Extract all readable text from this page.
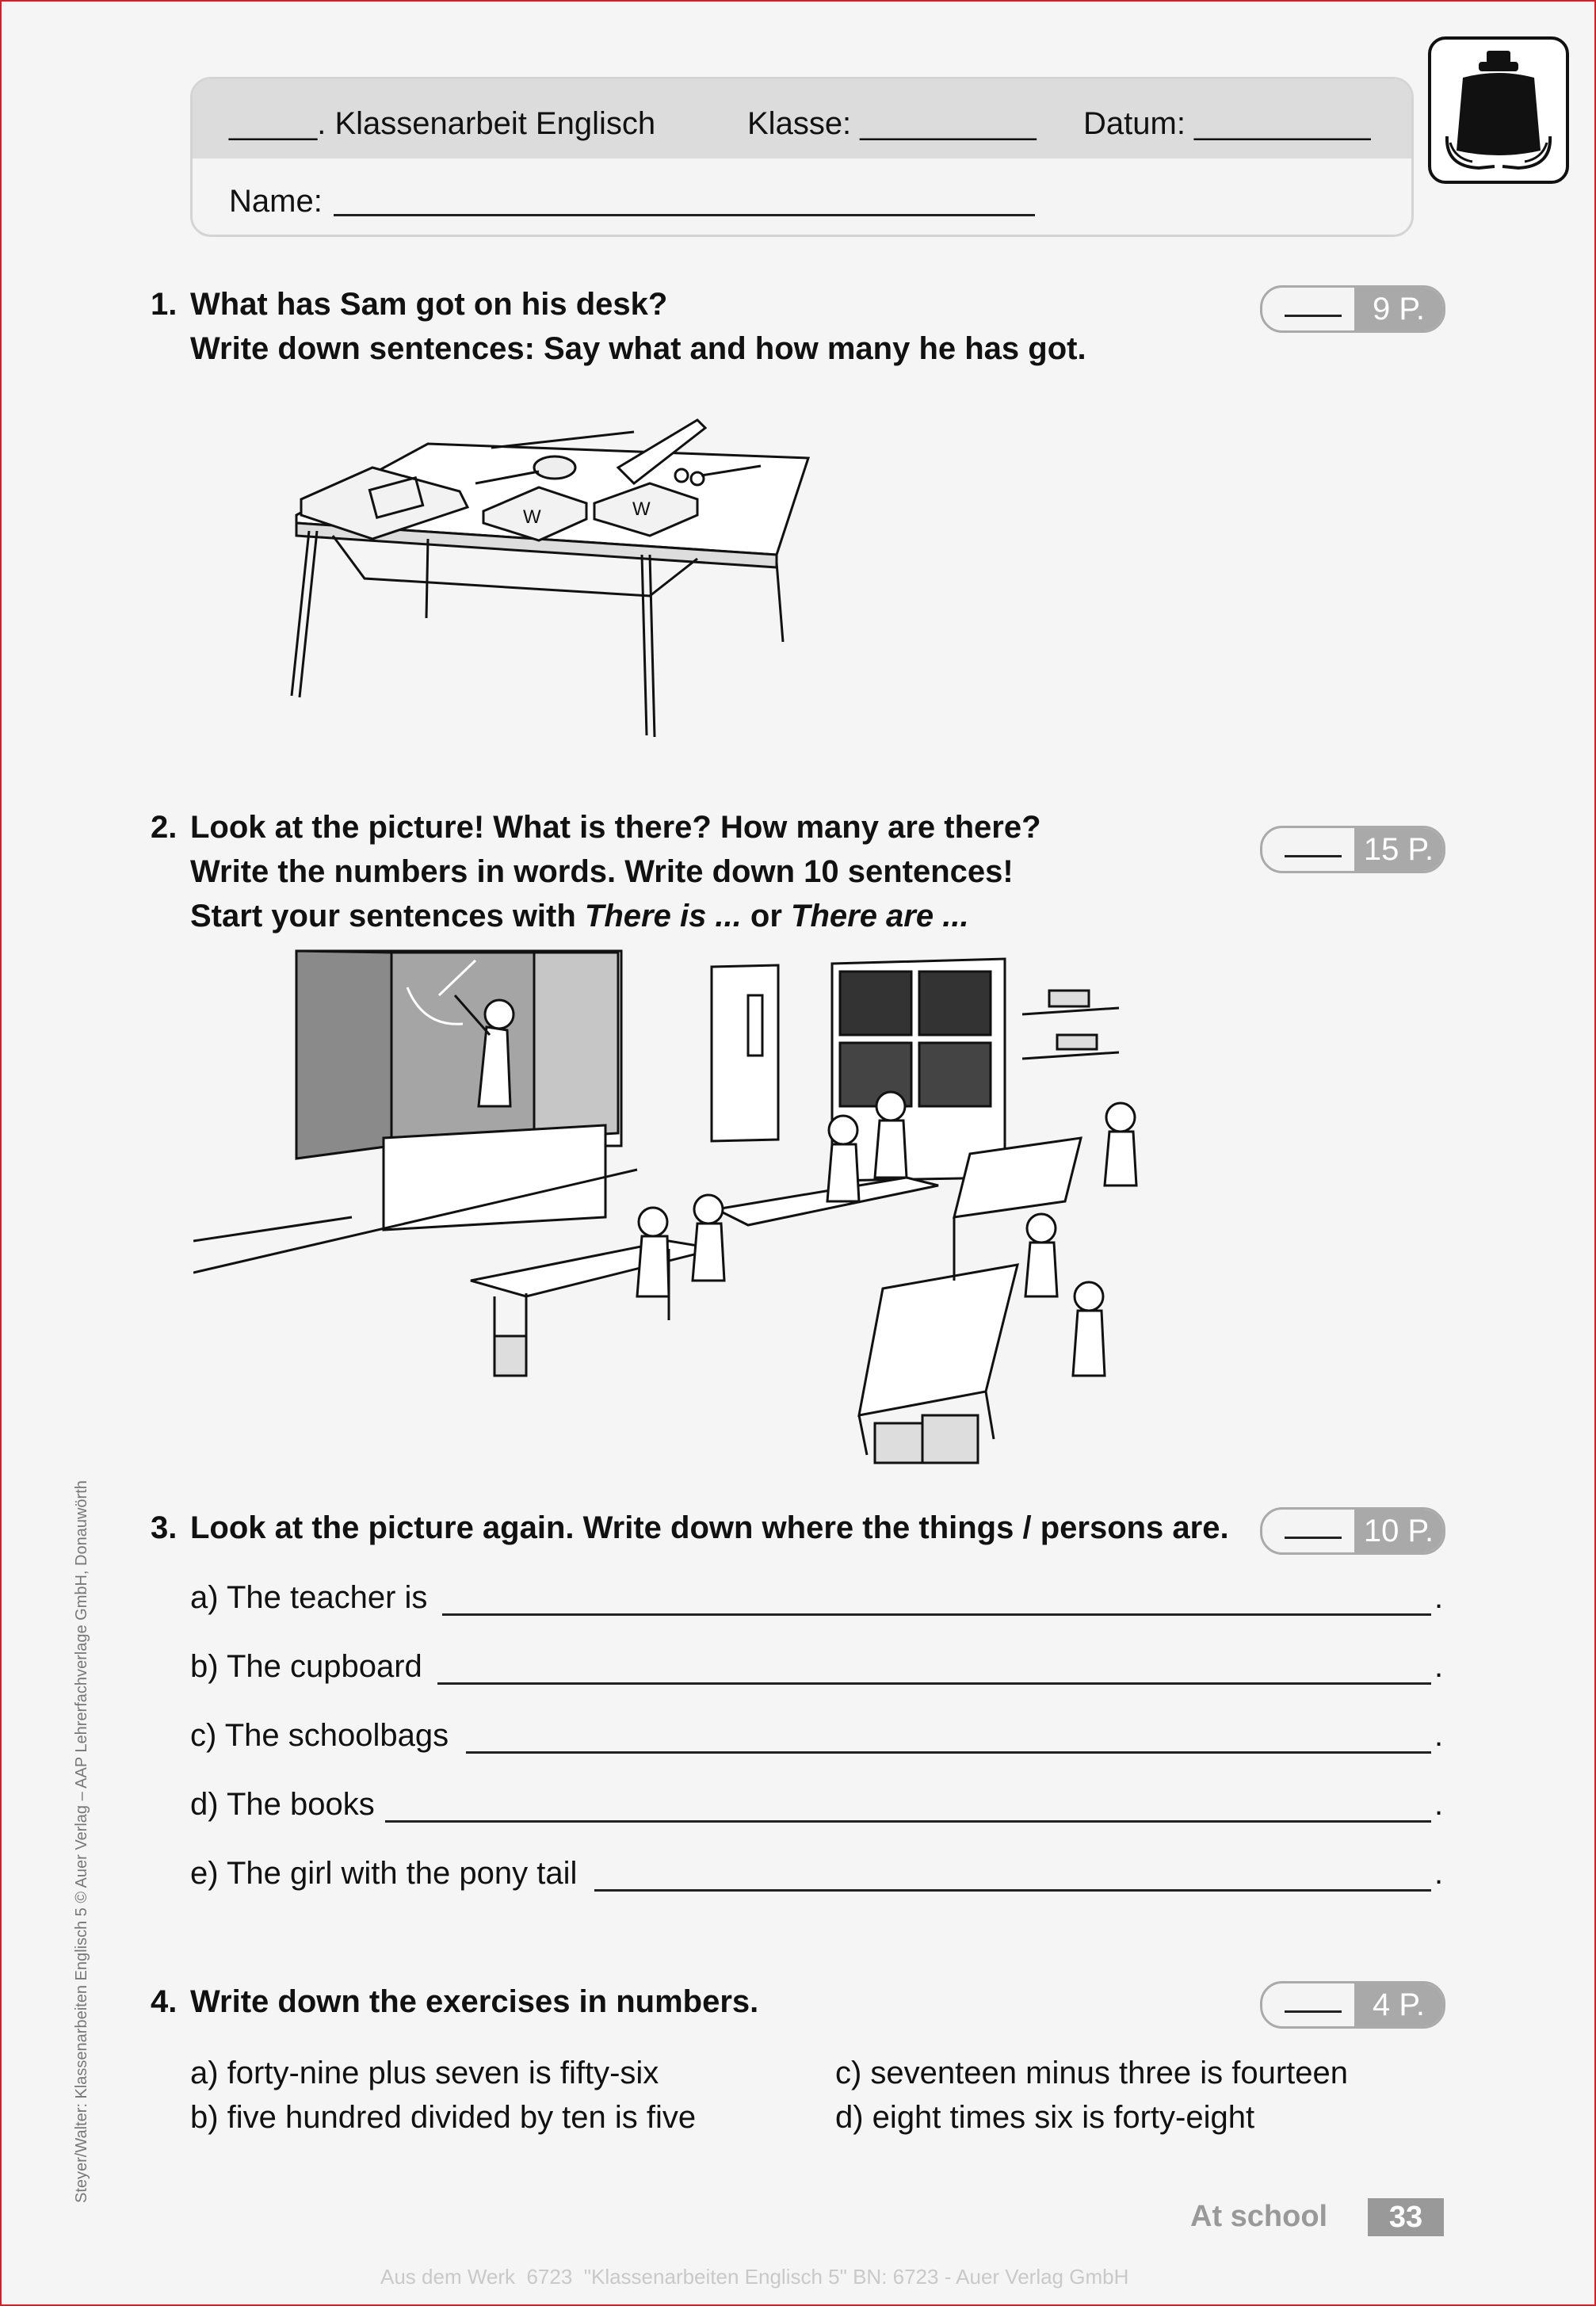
_____. Klassenarbeit Englisch	Klasse: __________ Datum: __________
Name:
1. What has Sam got on his desk?
Write down sentences: Say what and how many he has got.
9 P.
W	W
2. Look at the picture! What is there? How many are there?
Write the numbers in words. Write down 10 sentences!
Start your sentences with There is ... or There are ...
15 P.
3. Look at the picture again. Write down where the things / persons are.	10 P.
a) The teacher is	.
b) The cupboard	.
c) The schoolbags	.
d) The books	.
e) The girl with the pony tail	.
4. Write down the exercises in numbers.	4 P.
a) forty-nine plus seven is fifty-six
b) five hundred divided by ten is five
c) seventeen minus three is fourteen
d) eight times six is forty-eight
Steyer/Walter: Klassenarbeiten Englisch 5 © Auer Verlag – AAP Lehrerfachverlage GmbH, Donauwörth
At school	33
Aus dem Werk  6723  "Klassenarbeiten Englisch 5" BN: 6723 - Auer Verlag GmbH
